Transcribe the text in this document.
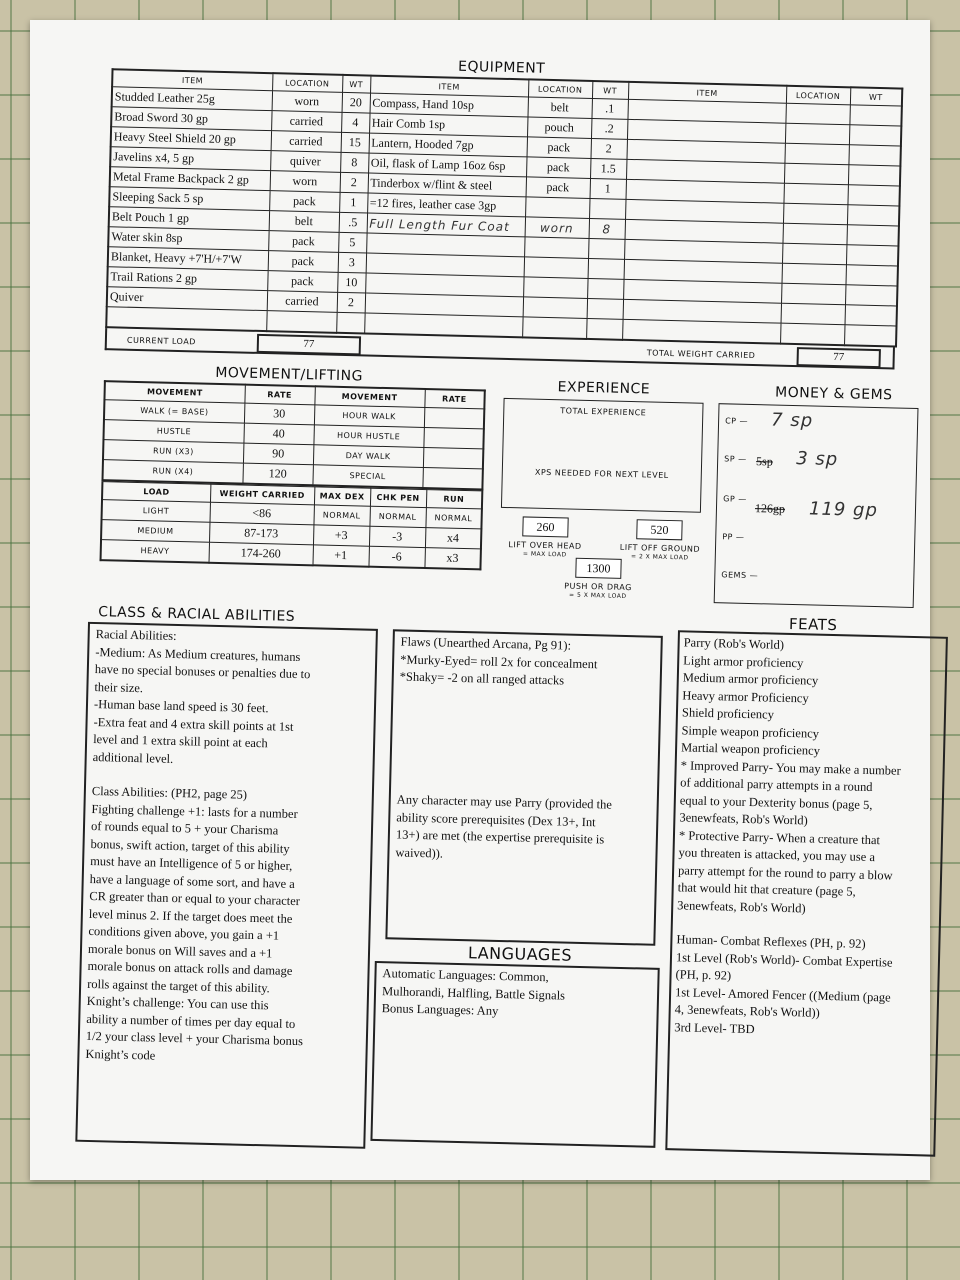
EQUIPMENT
ITEM	LOCATION	WT	ITEM	LOCATION	WT	ITEM	LOCATION	WT
Studded Leather 25g	worn	20	Compass, Hand 10sp	belt	.1			
Broad Sword 30 gp	carried	4	Hair Comb 1sp	pouch	.2			
Heavy Steel Shield 20 gp	carried	15	Lantern, Hooded 7gp	pack	2			
Javelins x4, 5 gp	quiver	8	Oil, flask of Lamp 16oz 6sp	pack	1.5			
Metal Frame Backpack 2 gp	worn	2	Tinderbox w/flint & steel	pack	1			
Sleeping Sack 5 sp	pack	1	=12 fires, leather case 3gp					
Belt Pouch 1 gp	belt	.5	Full Length Fur Coat	worn	8			
Water skin 8sp	pack	5						
Blanket, Heavy +7'H/+7'W	pack	3						
Trail Rations 2 gp	pack	10						
Quiver	carried	2						

CURRENT LOAD	77
TOTAL WEIGHT CARRIED	77
MOVEMENT/LIFTING
MOVEMENT	RATE	MOVEMENT	RATE
WALK (= BASE)	30	HOUR WALK	
HUSTLE	40	HOUR HUSTLE	
RUN (X3)	90	DAY WALK	
RUN (X4)	120	SPECIAL	
LOAD	WEIGHT CARRIED	MAX DEX	CHK PEN	RUN
LIGHT	<86	NORMAL	NORMAL	NORMAL
MEDIUM	87-173	+3	-3	x4
HEAVY	174-260	+1	-6	x3
EXPERIENCE
TOTAL EXPERIENCE
XPS NEEDED FOR NEXT LEVEL
260
LIFT OVER HEAD
= MAX LOAD
520
LIFT OFF GROUND
= 2 X MAX LOAD
1300
PUSH OR DRAG
= 5 X MAX LOAD
MONEY & GEMS
CP — 7 sp
SP — 5sp 3 sp
GP —
126gp 119 gp
PP —
GEMS —
CLASS & RACIAL ABILITIES
Racial Abilities:
-Medium: As Medium creatures, humans
have no special bonuses or penalties due to
their size.
-Human base land speed is 30 feet.
-Extra feat and 4 extra skill points at 1st
level and 1 extra skill point at each
additional level.
Class Abilities: (PH2, page 25)
Fighting challenge +1: lasts for a number
of rounds equal to 5 + your Charisma
bonus, swift action, target of this ability
must have an Intelligence of 5 or higher,
have a language of some sort, and have a
CR greater than or equal to your character
level minus 2. If the target does meet the
conditions given above, you gain a +1
morale bonus on Will saves and a +1
morale bonus on attack rolls and damage
rolls against the target of this ability.
Knight’s challenge: You can use this
ability a number of times per day equal to
1/2 your class level + your Charisma bonus
Knight’s code
Flaws (Unearthed Arcana, Pg 91):
*Murky-Eyed= roll 2x for concealment
*Shaky= -2 on all ranged attacks
Any character may use Parry (provided the
ability score prerequisites (Dex 13+, Int
13+) are met (the expertise prerequisite is
waived)).
LANGUAGES
Automatic Languages: Common,
Mulhorandi, Halfling, Battle Signals
Bonus Languages: Any
FEATS
Parry (Rob's World)
Light armor proficiency
Medium armor proficiency
Heavy armor Proficiency
Shield proficiency
Simple weapon proficiency
Martial weapon proficiency
* Improved Parry- You may make a number
of additional parry attempts in a round
equal to your Dexterity bonus (page 5,
3enewfeats, Rob's World)
* Protective Parry- When a creature that
you threaten is attacked, you may use a
parry attempt for the round to parry a blow
that would hit that creature (page 5,
3enewfeats, Rob's World)
Human- Combat Reflexes (PH, p. 92)
1st Level (Rob's World)- Combat Expertise
(PH, p. 92)
1st Level- Amored Fencer ((Medium (page
4, 3enewfeats, Rob's World))
3rd Level- TBD
